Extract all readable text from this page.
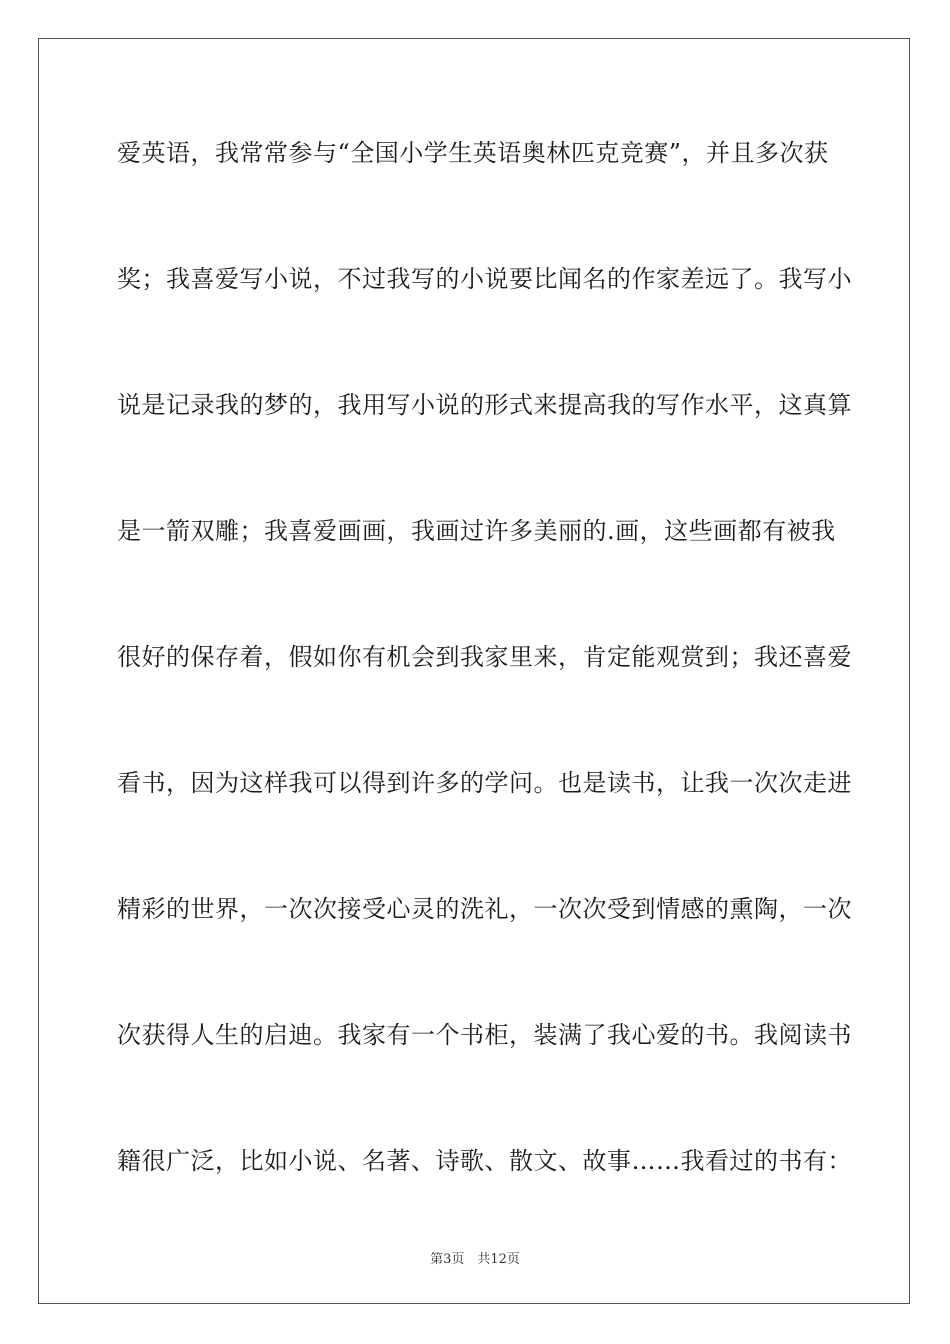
爱英语，我常常参与“全国小学生英语奥林匹克竞赛”，并且多次获
奖；我喜爱写小说，不过我写的小说要比闻名的作家差远了。我写小
说是记录我的梦的，我用写小说的形式来提高我的写作水平，这真算
是一箭双雕；我喜爱画画，我画过许多美丽的.画，这些画都有被我
很好的保存着，假如你有机会到我家里来，肯定能观赏到；我还喜爱
看书，因为这样我可以得到许多的学问。也是读书，让我一次次走进
精彩的世界，一次次接受心灵的洗礼，一次次受到情感的熏陶，一次
次获得人生的启迪。我家有一个书柜，装满了我心爱的书。我阅读书
籍很广泛，比如小说、名著、诗歌、散文、故事……我看过的书有：
第3页　共12页
